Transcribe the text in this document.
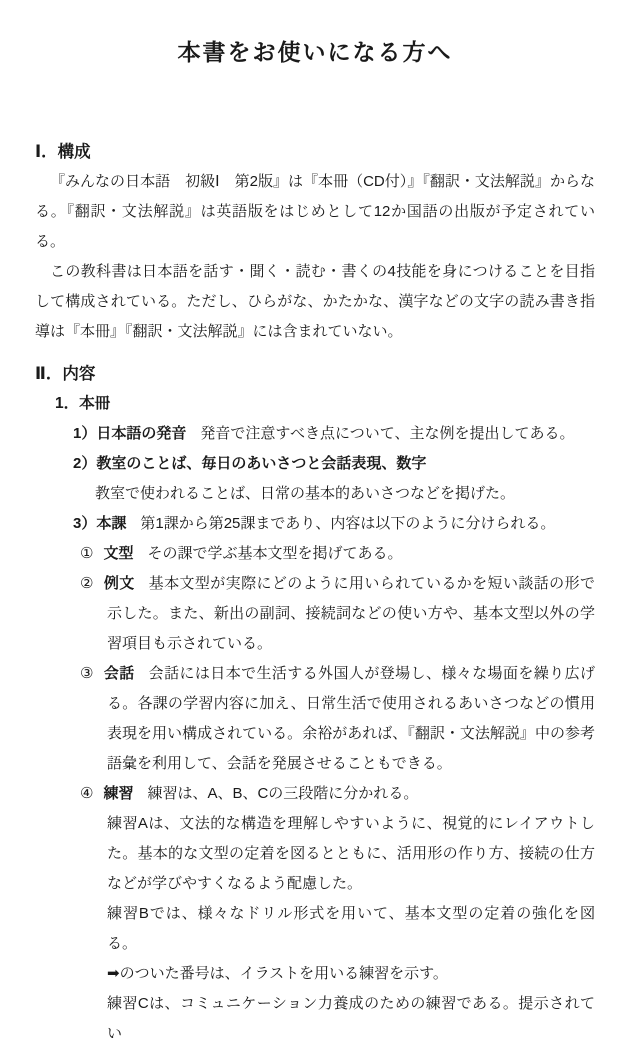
本書をお使いになる方へ
Ⅰ．構成

『みんなの日本語　初級Ⅰ　第2版』は『本冊（CD付）』『翻訳・文法解説』からなる。『翻訳・文法解説』は英語版をはじめとして12か国語の出版が予定されている。

この教科書は日本語を話す・聞く・読む・書くの4技能を身につけることを目指して構成されている。ただし、ひらがな、かたかな、漢字などの文字の読み書き指導は『本冊』『翻訳・文法解説』には含まれていない。

Ⅱ．内容
1．本冊

1）日本語の発音 発音で注意すべき点について、主な例を提出してある。

2）教室のことば、毎日のあいさつと会話表現、数字

教室で使われることば、日常の基本的あいさつなどを掲げた。

3）本課 第1課から第25課まであり、内容は以下のように分けられる。

① 文型 その課で学ぶ基本文型を掲げてある。

② 例文 基本文型が実際にどのように用いられているかを短い談話の形で示した。また、新出の副詞、接続詞などの使い方や、基本文型以外の学習項目も示されている。

③ 会話 会話には日本で生活する外国人が登場し、様々な場面を繰り広げる。各課の学習内容に加え、日常生活で使用されるあいさつなどの慣用表現を用い構成されている。余裕があれば、『翻訳・文法解説』中の参考語彙を利用して、会話を発展させることもできる。

④ 練習 練習は、A、B、Cの三段階に分かれる。

練習Aは、文法的な構造を理解しやすいように、視覚的にレイアウトした。基本的な文型の定着を図るとともに、活用形の作り方、接続の仕方などが学びやすくなるよう配慮した。

練習Bでは、様々なドリル形式を用いて、基本文型の定着の強化を図る。

➡のついた番号は、イラストを用いる練習を示す。

練習Cは、コミュニケーション力養成のための練習である。提示されてい
